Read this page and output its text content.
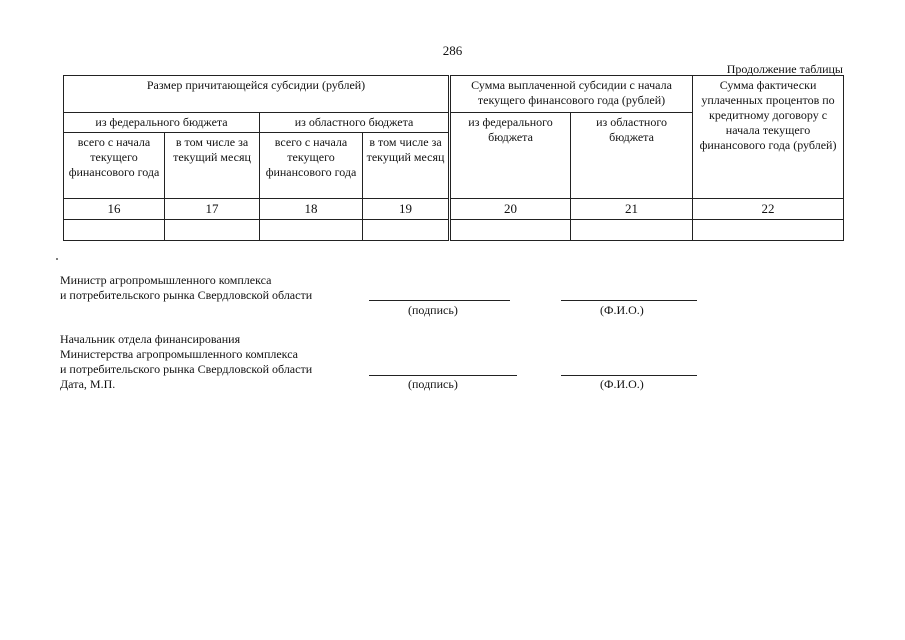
286
Продолжение таблицы
Размер причитающейся субсидии (рублей)				Сумма выплаченной субсидии с начала текущего финансового года (рублей)		Сумма фактически уплаченных процентов по кредитному договору с начала текущего финансового года (рублей)
из федерального бюджета		из областного бюджета		из федерального бюджета	из областного бюджета	
всего с начала текущего финансового года	в том числе за текущий месяц	всего с начала текущего финансового года	в том числе за текущий месяц			
16	17	18	19	20	21	22

Министр агропромышленного комплекса
и потребительского рынка Свердловской области
(подпись)	(Ф.И.О.)
Начальник отдела финансирования
Министерства агропромышленного комплекса
и потребительского рынка Свердловской области
Дата, М.П.	(подпись)	(Ф.И.О.)
